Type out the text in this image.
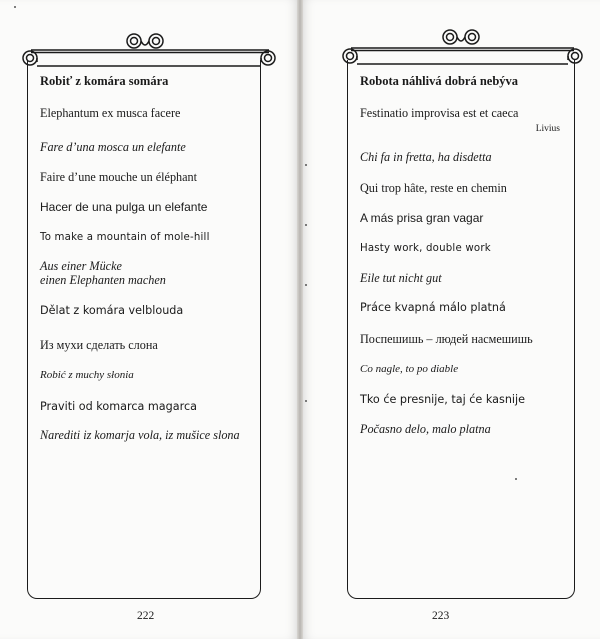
Robiť z komára somára
Elephantum ex musca facere
Fare d’una mosca un elefante
Faire d’une mouche un éléphant
Hacer de una pulga un elefante
To make a mountain of mole-hill
Aus einer Mücke
einen Elephanten machen
Dělat z komára velblouda
Из мухи сделать слона
Robić z muchy słonia
Praviti od komarca magarca
Narediti iz komarja vola, iz mušice slona
222
Robota náhlivá dobrá nebýva
Festinatio improvisa est et caeca
Livius
Chi fa in fretta, ha disdetta
Qui trop hâte, reste en chemin
A más prisa gran vagar
Hasty work, double work
Eile tut nicht gut
Práce kvapná málo platná
Поспешишь – людей насмешишь
Co nagle, to po diable
Tko će presnije, taj će kasnije
Počasno delo, malo platna
223
